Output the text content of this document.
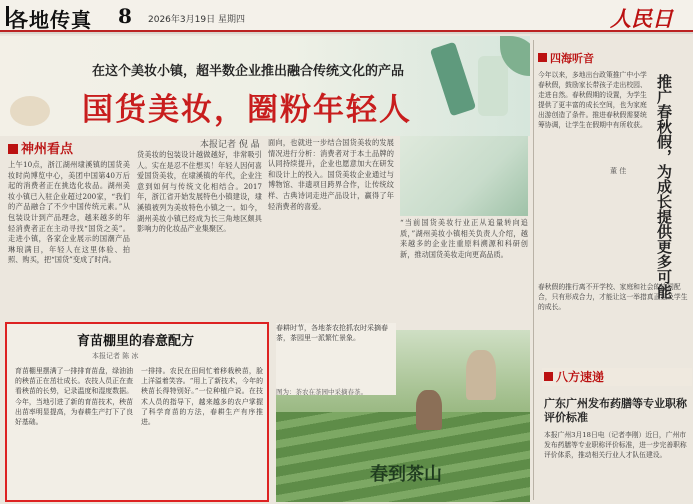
各地传真 8 2026年3月19日 星期四	人民日
在这个美妆小镇，超半数企业推出融合传统文化的产品
国货美妆，圈粉年轻人
本报记者 倪 晶
神州看点
上午10点，浙江湖州埭溪镇的国货美妆时尚博览中心，美团中国第40万后起的消费者正在挑选化妆品。湖州美妆小镇已入驻企业超过200家，“我们的产品融合了不少中国传统元素。”从包装设计到产品理念，越来越多的年轻消费者正在主动寻找“国货之美”。走进小镇，各家企业展示的国潮产品琳琅满目，年轻人在这里体验、拍照、购买，把“国货”变成了时尚。
货美妆的包装设计越做越好，非常吸引人。实在是忍不住想买！年轻人因何喜爱国货美妆，在埭溪镇的年代，企业注意到如何与传统文化相结合。2017年，浙江省开始发展特色小镇建设，埭溪镇被列为美妆特色小镇之一。如今，湖州美妆小镇已经成为长三角地区颇具影响力的化妆品产业集聚区。
面向，也就进一步结合国货美妆的发展情况进行分析：消费者对于本土品牌的认同持续提升，企业也愿意加大在研发和设计上的投入。国货美妆企业通过与博物馆、非遗项目跨界合作，让传统纹样、古典诗词走进产品设计，赢得了年轻消费者的喜爱。
“当前国货美妆行业正从追量转向追质，”湖州美妆小镇相关负责人介绍，越来越多的企业注重原料溯源和科研创新，推动国货美妆走向更高品质。
四海听音
今年以来，多地出台政策推广中小学春秋假，鼓励家长带孩子走出校园、走进自然。春秋假期的设置，为学生提供了更丰富的成长空间，也为家庭出游创造了条件。推进春秋假需要统筹协调，让学生在假期中有所收获。
董 佳 推广春秋假，为成长提供更多可能
春秋假的推行离不开学校、家庭和社会的协同配合，只有形成合力，才能让这一举措真正惠及学生的成长。
八方速递
广东广州发布药膳等专业职称评价标准
本报广州3月18日电（记者李刚）近日，广州市发布药膳等专业职称评价标准，进一步完善职称评价体系，推动相关行业人才队伍建设。
育苗棚里的春意配方
本报记者 陈 冰
育苗棚里摆满了一排排育苗盘，绿油油的秧苗正在茁壮成长。农技人员正在查看秧苗的长势，记录温度和湿度数据。今年，当地引进了新的育苗技术，秧苗出苗率明显提高，为春耕生产打下了良好基础。
一排排。农民在田间忙着移栽秧苗，脸上洋溢着笑容。“用上了新技术，今年的秧苗长得特别好。”一位种植户说。在技术人员的指导下，越来越多的农户掌握了科学育苗的方法，春耕生产有序推进。
春耕时节，各地茶农抢抓农时采摘春茶，茶园里一派繁忙景象。
图为：茶农在茶园中采摘春茶。
春到茶山
